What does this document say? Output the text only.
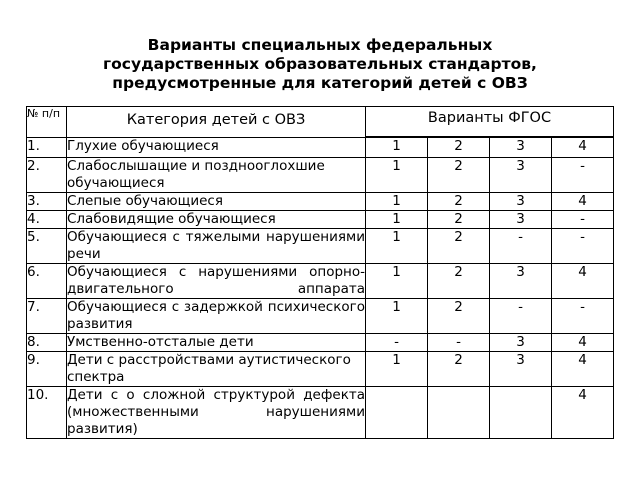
Варианты специальных федеральных
государственных образовательных стандартов,
предусмотренные для категорий детей с ОВЗ
№ п/п	Категория детей с ОВЗ	Варианты ФГОС			

1.	Глухие обучающиеся	1	2	3	4
2.	Слабослышащие и позднооглохшие обучающиеся	1	2	3	-
3.	Слепые обучающиеся	1	2	3	4
4.	Слабовидящие обучающиеся	1	2	3	-
5.	Обучающиеся с тяжелыми нарушениями речи	1	2	-	-
6.	Обучающиеся с нарушениями опорно-двигательного аппарата	1	2	3	4
7.	Обучающиеся с задержкой психического развития	1	2	-	-
8.	Умственно-отсталые дети	-	-	3	4
9.	Дети с расстройствами аутистического спектра	1	2	3	4
10.	Дети с о сложной структурой дефекта (множественными нарушениями развития)				4
